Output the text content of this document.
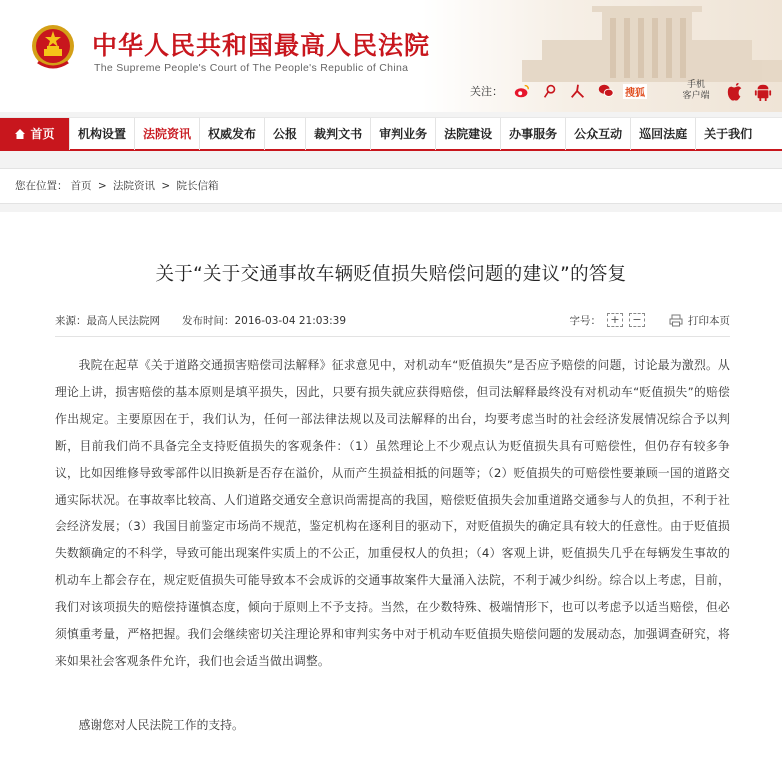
中华人民共和国最高人民法院
The Supreme People's Court of The People's Republic of China
关注：	搜狐
手机
客户端
首页	机构设置	法院资讯	权威发布	公报	裁判文书	审判业务	法院建设	办事服务	公众互动	巡回法庭	关于我们
您在位置： 首页 > 法院资讯 > 院长信箱
关于“关于交通事故车辆贬值损失赔偿问题的建议”的答复
来源：最高人民法院网 发布时间：2016-03-04 21:03:39	字号： +	−	打印本页

我院在起草《关于道路交通损害赔偿司法解释》征求意见中，对机动车“贬值损失”是否应予赔偿的问题，讨论最为激烈。从理论上讲，损害赔偿的基本原则是填平损失，因此，只要有损失就应获得赔偿，但司法解释最终没有对机动车“贬值损失”的赔偿作出规定。主要原因在于，我们认为，任何一部法律法规以及司法解释的出台，均要考虑当时的社会经济发展情况综合予以判断，目前我们尚不具备完全支持贬值损失的客观条件：（1）虽然理论上不少观点认为贬值损失具有可赔偿性，但仍存有较多争议，比如因维修导致零部件以旧换新是否存在溢价，从而产生损益相抵的问题等；（2）贬值损失的可赔偿性要兼顾一国的道路交通实际状况。在事故率比较高、人们道路交通安全意识尚需提高的我国，赔偿贬值损失会加重道路交通参与人的负担，不利于社会经济发展；（3）我国目前鉴定市场尚不规范，鉴定机构在逐利目的驱动下，对贬值损失的确定具有较大的任意性。由于贬值损失数额确定的不科学，导致可能出现案件实质上的不公正，加重侵权人的负担；（4）客观上讲，贬值损失几乎在每辆发生事故的机动车上都会存在，规定贬值损失可能导致本不会成诉的交通事故案件大量涌入法院，不利于减少纠纷。综合以上考虑，目前，我们对该项损失的赔偿持谨慎态度，倾向于原则上不予支持。当然，在少数特殊、极端情形下，也可以考虑予以适当赔偿，但必须慎重考量，严格把握。我们会继续密切关注理论界和审判实务中对于机动车贬值损失赔偿问题的发展动态，加强调查研究，将来如果社会客观条件允许，我们也会适当做出调整。

感谢您对人民法院工作的支持。
